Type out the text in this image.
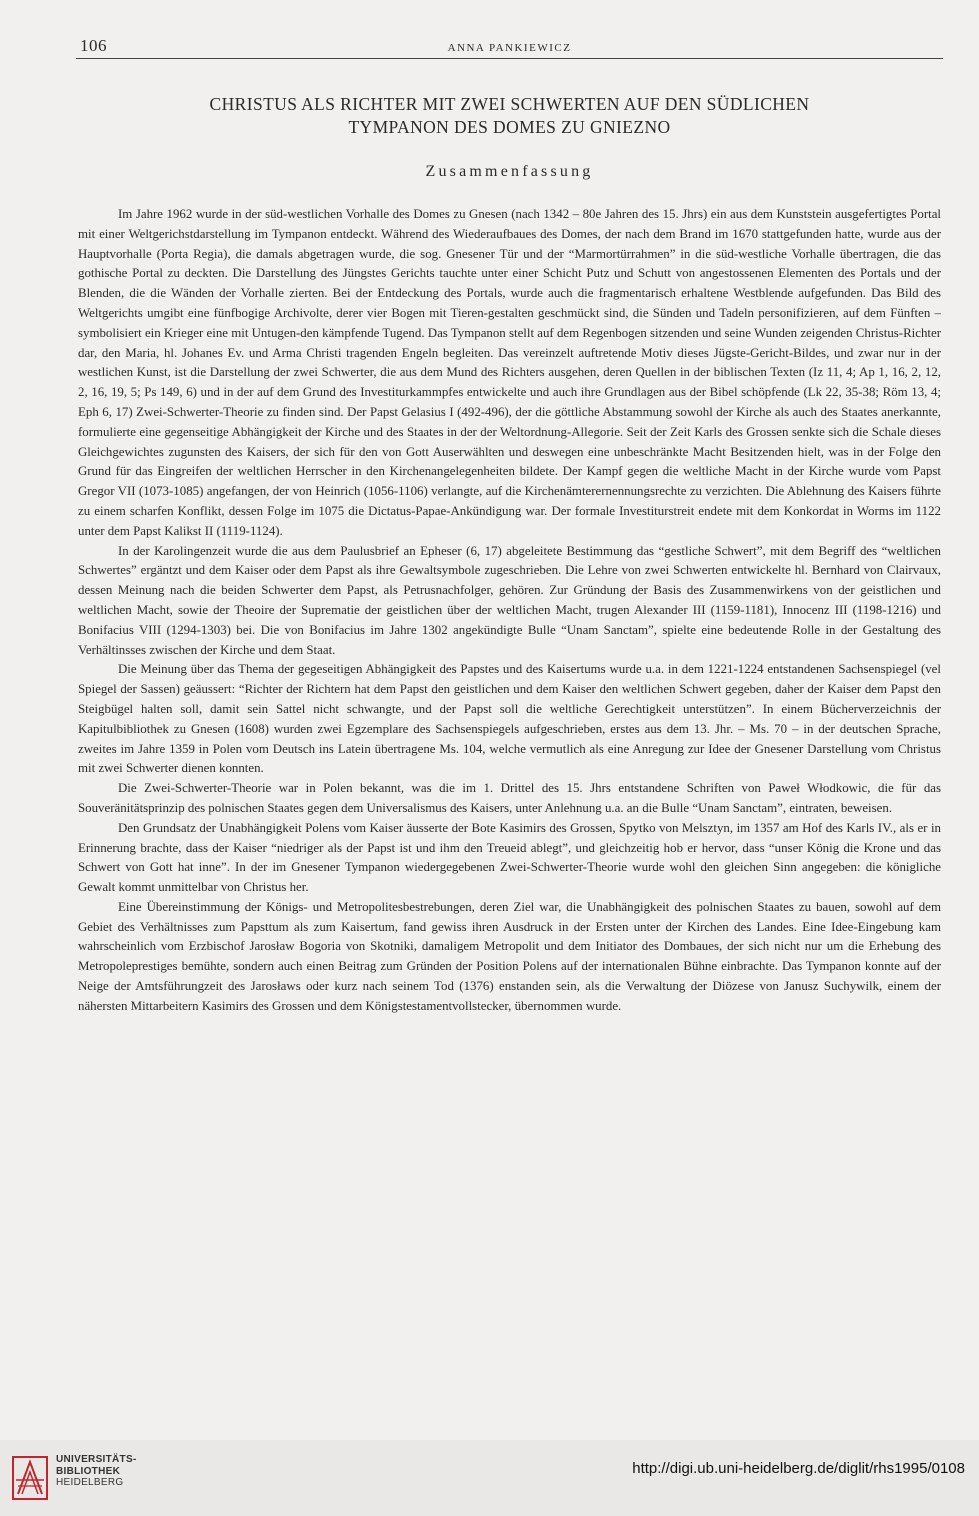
106	ANNA PANKIEWICZ
CHRISTUS ALS RICHTER MIT ZWEI SCHWERTEN AUF DEN SÜDLICHEN
TYMPANON DES DOMES ZU GNIEZNO
Zusammenfassung

Im Jahre 1962 wurde in der süd-westlichen Vorhalle des Domes zu Gnesen (nach 1342 – 80e Jahren des 15. Jhrs) ein aus dem Kunststein ausgefertigtes Portal mit einer Weltgerichstdarstellung im Tympanon entdeckt. Während des Wiederaufbaues des Domes, der nach dem Brand im 1670 stattgefunden hatte, wurde aus der Hauptvorhalle (Porta Regia), die damals abgetragen wurde, die sog. Gnesener Tür und der “Marmortürrahmen” in die süd-westliche Vorhalle übertragen, die das gothische Portal zu deckten. Die Darstellung des Jüngstes Gerichts tauchte unter einer Schicht Putz und Schutt von angestossenen Elementen des Portals und der Blenden, die die Wänden der Vorhalle zierten. Bei der Entdeckung des Portals, wurde auch die fragmentarisch erhaltene Westblende aufgefunden. Das Bild des Weltgerichts umgibt eine fünfbogige Archivolte, derer vier Bogen mit Tieren-gestalten geschmückt sind, die Sünden und Tadeln personifizieren, auf dem Fünften – symbolisiert ein Krieger eine mit Untugen-den kämpfende Tugend. Das Tympanon stellt auf dem Regenbogen sitzenden und seine Wunden zeigenden Christus-Richter dar, den Maria, hl. Johanes Ev. und Arma Christi tragenden Engeln begleiten. Das vereinzelt auftretende Motiv dieses Jügste-Gericht-Bildes, und zwar nur in der westlichen Kunst, ist die Darstellung der zwei Schwerter, die aus dem Mund des Richters ausgehen, deren Quellen in der biblischen Texten (Iz 11, 4; Ap 1, 16, 2, 12, 2, 16, 19, 5; Ps 149, 6) und in der auf dem Grund des Investiturkammpfes entwickelte und auch ihre Grundlagen aus der Bibel schöpfende (Lk 22, 35-38; Röm 13, 4; Eph 6, 17) Zwei-Schwerter-Theorie zu finden sind. Der Papst Gelasius I (492-496), der die göttliche Abstammung sowohl der Kirche als auch des Staates anerkannte, formulierte eine gegenseitige Abhängigkeit der Kirche und des Staates in der der Weltordnung-Allegorie. Seit der Zeit Karls des Grossen senkte sich die Schale dieses Gleichgewichtes zugunsten des Kaisers, der sich für den von Gott Auserwählten und deswegen eine unbeschränkte Macht Besitzenden hielt, was in der Folge den Grund für das Eingreifen der weltlichen Herrscher in den Kirchenangelegenheiten bildete. Der Kampf gegen die weltliche Macht in der Kirche wurde vom Papst Gregor VII (1073-1085) angefangen, der von Heinrich (1056-1106) verlangte, auf die Kirchenämterernennungsrechte zu verzichten. Die Ablehnung des Kaisers führte zu einem scharfen Konflikt, dessen Folge im 1075 die Dictatus-Papae-Ankündigung war. Der formale Investiturstreit endete mit dem Konkordat in Worms im 1122 unter dem Papst Kalikst II (1119-1124).

In der Karolingenzeit wurde die aus dem Paulusbrief an Epheser (6, 17) abgeleitete Bestimmung das “gestliche Schwert”, mit dem Begriff des “weltlichen Schwertes” ergäntzt und dem Kaiser oder dem Papst als ihre Gewaltsymbole zugeschrieben. Die Lehre von zwei Schwerten entwickelte hl. Bernhard von Clairvaux, dessen Meinung nach die beiden Schwerter dem Papst, als Petrusnachfolger, gehören. Zur Gründung der Basis des Zusammenwirkens von der geistlichen und weltlichen Macht, sowie der Theoire der Suprematie der geistlichen über der weltlichen Macht, trugen Alexander III (1159-1181), Innocenz III (1198-1216) und Bonifacius VIII (1294-1303) bei. Die von Bonifacius im Jahre 1302 angekündigte Bulle “Unam Sanctam”, spielte eine bedeutende Rolle in der Gestaltung des Verhältinsses zwischen der Kirche und dem Staat.

Die Meinung über das Thema der gegeseitigen Abhängigkeit des Papstes und des Kaisertums wurde u.a. in dem 1221-1224 entstandenen Sachsenspiegel (vel Spiegel der Sassen) geäussert: “Richter der Richtern hat dem Papst den geistlichen und dem Kaiser den weltlichen Schwert gegeben, daher der Kaiser dem Papst den Steigbügel halten soll, damit sein Sattel nicht schwangte, und der Papst soll die weltliche Gerechtigkeit unterstützen”. In einem Bücherverzeichnis der Kapitulbibliothek zu Gnesen (1608) wurden zwei Egzemplare des Sachsenspiegels aufgeschrieben, erstes aus dem 13. Jhr. – Ms. 70 – in der deutschen Sprache, zweites im Jahre 1359 in Polen vom Deutsch ins Latein übertragene Ms. 104, welche vermutlich als eine Anregung zur Idee der Gnesener Darstellung vom Christus mit zwei Schwerter dienen konnten.

Die Zwei-Schwerter-Theorie war in Polen bekannt, was die im 1. Drittel des 15. Jhrs entstandene Schriften von Paweł Włodkowic, die für das Souveränitätsprinzip des polnischen Staates gegen dem Universalismus des Kaisers, unter Anlehnung u.a. an die Bulle “Unam Sanctam”, eintraten, beweisen.

Den Grundsatz der Unabhängigkeit Polens vom Kaiser äusserte der Bote Kasimirs des Grossen, Spytko von Melsztyn, im 1357 am Hof des Karls IV., als er in Erinnerung brachte, dass der Kaiser “niedriger als der Papst ist und ihm den Treueid ablegt”, und gleichzeitig hob er hervor, dass “unser König die Krone und das Schwert von Gott hat inne”. In der im Gnesener Tympanon wiedergegebenen Zwei-Schwerter-Theorie wurde wohl den gleichen Sinn angegeben: die königliche Gewalt kommt unmittelbar von Christus her.

Eine Übereinstimmung der Königs- und Metropolitesbestrebungen, deren Ziel war, die Unabhängigkeit des polnischen Staates zu bauen, sowohl auf dem Gebiet des Verhältnisses zum Papsttum als zum Kaisertum, fand gewiss ihren Ausdruck in der Ersten unter der Kirchen des Landes. Eine Idee-Eingebung kam wahrscheinlich vom Erzbischof Jarosław Bogoria von Skotniki, damaligem Metropolit und dem Initiator des Dombaues, der sich nicht nur um die Erhebung des Metropoleprestiges bemühte, sondern auch einen Beitrag zum Gründen der Position Polens auf der internationalen Bühne einbrachte. Das Tympanon konnte auf der Neige der Amtsführungzeit des Jarosławs oder kurz nach seinem Tod (1376) enstanden sein, als die Verwaltung der Diözese von Janusz Suchywilk, einem der nähersten Mittarbeitern Kasimirs des Grossen und dem Königstestamentvollstecker, übernommen wurde.

UNIVERSITÄTS-
BIBLIOTHEK
HEIDELBERG
http://digi.ub.uni-heidelberg.de/diglit/rhs1995/0108
